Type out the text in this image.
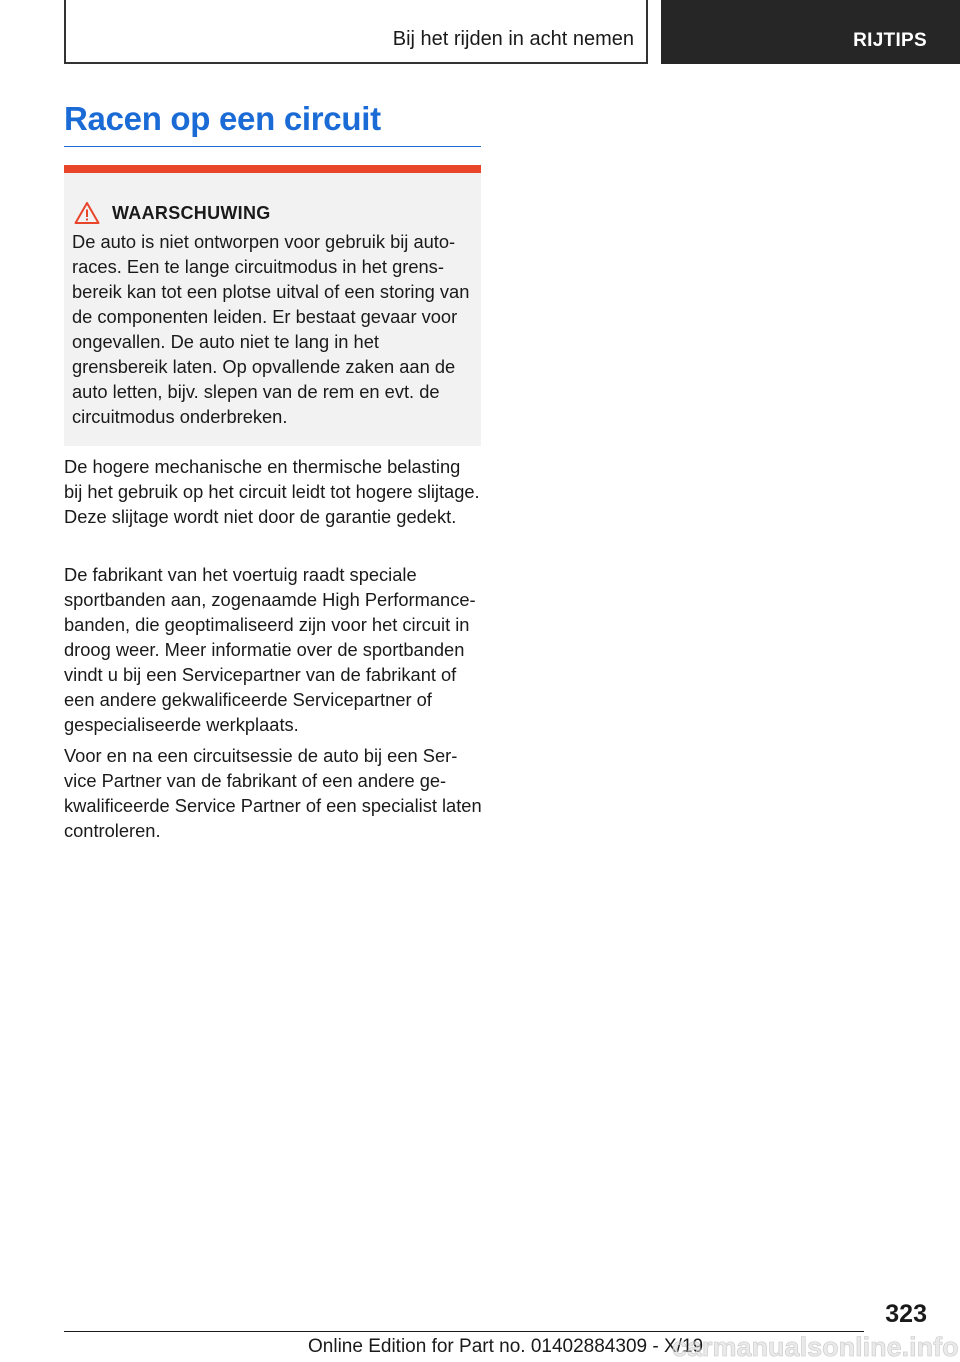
Bij het rijden in acht nemen	RIJTIPS
Racen op een circuit
WAARSCHUWING

De auto is niet ontworpen voor gebruik bij autoraces. Een te lange circuitmodus in het grensbereik kan tot een plotse uitval of een storing van de componenten leiden. Er bestaat gevaar voor ongevallen. De auto niet te lang in het grensbereik laten. Op opvallende zaken aan de auto letten, bijv. slepen van de rem en evt. de circuitmodus onderbreken.

De hogere mechanische en thermische belasting bij het gebruik op het circuit leidt tot hogere slijtage. Deze slijtage wordt niet door de garantie gedekt.

De fabrikant van het voertuig raadt speciale sportbanden aan, zogenaamde High Performance-banden, die geoptimaliseerd zijn voor het circuit in droog weer. Meer informatie over de sportbanden vindt u bij een Servicepartner van de fabrikant of een andere gekwalificeerde Servicepartner of gespecialiseerde werkplaats.

Voor en na een circuitsessie de auto bij een Service Partner van de fabrikant of een andere gekwalificeerde Service Partner of een specialist laten controleren.

323
Online Edition for Part no. 01402884309 - X/19
carmanualsonline.info
